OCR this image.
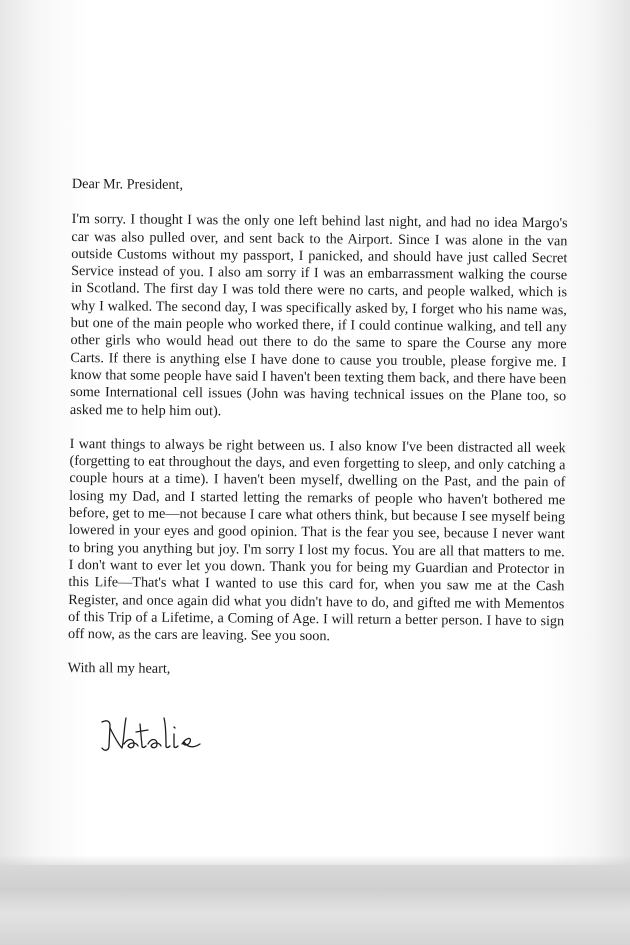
Dear Mr. President,

I'm sorry. I thought I was the only one left behind last night, and had no idea Margo's car was also pulled over, and sent back to the Airport. Since I was alone in the van outside Customs without my passport, I panicked, and should have just called Secret Service instead of you. I also am sorry if I was an embarrassment walking the course in Scotland. The first day I was told there were no carts, and people walked, which is why I walked. The second day, I was specifically asked by, I forget who his name was, but one of the main people who worked there, if I could continue walking, and tell any other girls who would head out there to do the same to spare the Course any more Carts. If there is anything else I have done to cause you trouble, please forgive me. I know that some people have said I haven't been texting them back, and there have been some International cell issues (John was having technical issues on the Plane too, so asked me to help him out).

I want things to always be right between us. I also know I've been distracted all week (forgetting to eat throughout the days, and even forgetting to sleep, and only catching a couple hours at a time). I haven't been myself, dwelling on the Past, and the pain of losing my Dad, and I started letting the remarks of people who haven't bothered me before, get to me—not because I care what others think, but because I see myself being lowered in your eyes and good opinion. That is the fear you see, because I never want to bring you anything but joy. I'm sorry I lost my focus. You are all that matters to me. I don't want to ever let you down. Thank you for being my Guardian and Protector in this Life—That's what I wanted to use this card for, when you saw me at the Cash Register, and once again did what you didn't have to do, and gifted me with Mementos of this Trip of a Lifetime, a Coming of Age. I will return a better person. I have to sign off now, as the cars are leaving. See you soon.

With all my heart,
